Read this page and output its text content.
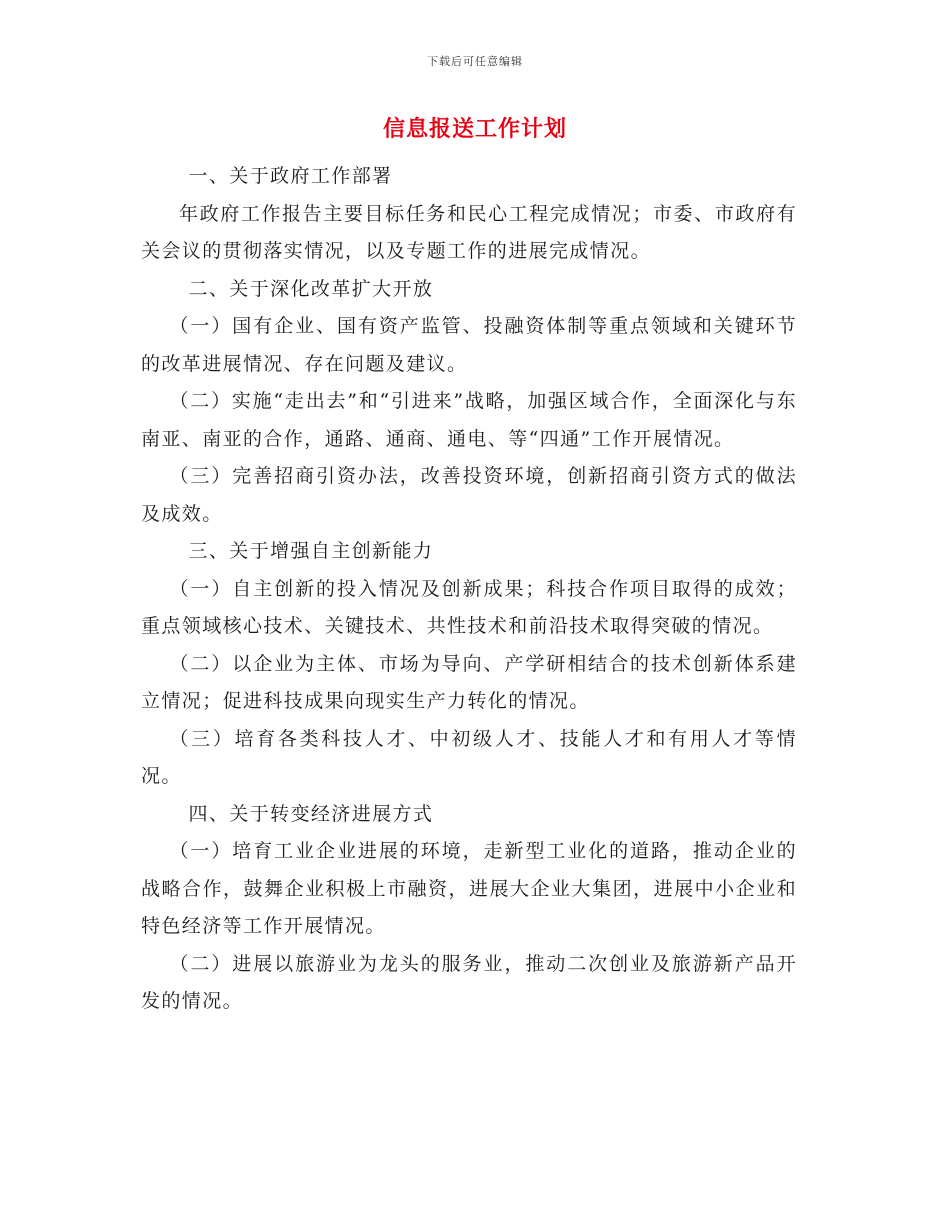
下载后可任意编辑
信息报送工作计划

一、关于政府工作部署

年政府工作报告主要目标任务和民心工程完成情况；市委、市政府有关会议的贯彻落实情况，以及专题工作的进展完成情况。

二、关于深化改革扩大开放

（一）国有企业、国有资产监管、投融资体制等重点领域和关键环节的改革进展情况、存在问题及建议。

（二）实施“走出去”和“引进来”战略，加强区域合作，全面深化与东南亚、南亚的合作，通路、通商、通电、等“四通”工作开展情况。

（三）完善招商引资办法，改善投资环境，创新招商引资方式的做法及成效。

三、关于增强自主创新能力

（一）自主创新的投入情况及创新成果；科技合作项目取得的成效；重点领域核心技术、关键技术、共性技术和前沿技术取得突破的情况。

（二）以企业为主体、市场为导向、产学研相结合的技术创新体系建立情况；促进科技成果向现实生产力转化的情况。

（三）培育各类科技人才、中初级人才、技能人才和有用人才等情况。

四、关于转变经济进展方式

（一）培育工业企业进展的环境，走新型工业化的道路，推动企业的战略合作，鼓舞企业积极上市融资，进展大企业大集团，进展中小企业和特色经济等工作开展情况。

（二）进展以旅游业为龙头的服务业，推动二次创业及旅游新产品开发的情况。
